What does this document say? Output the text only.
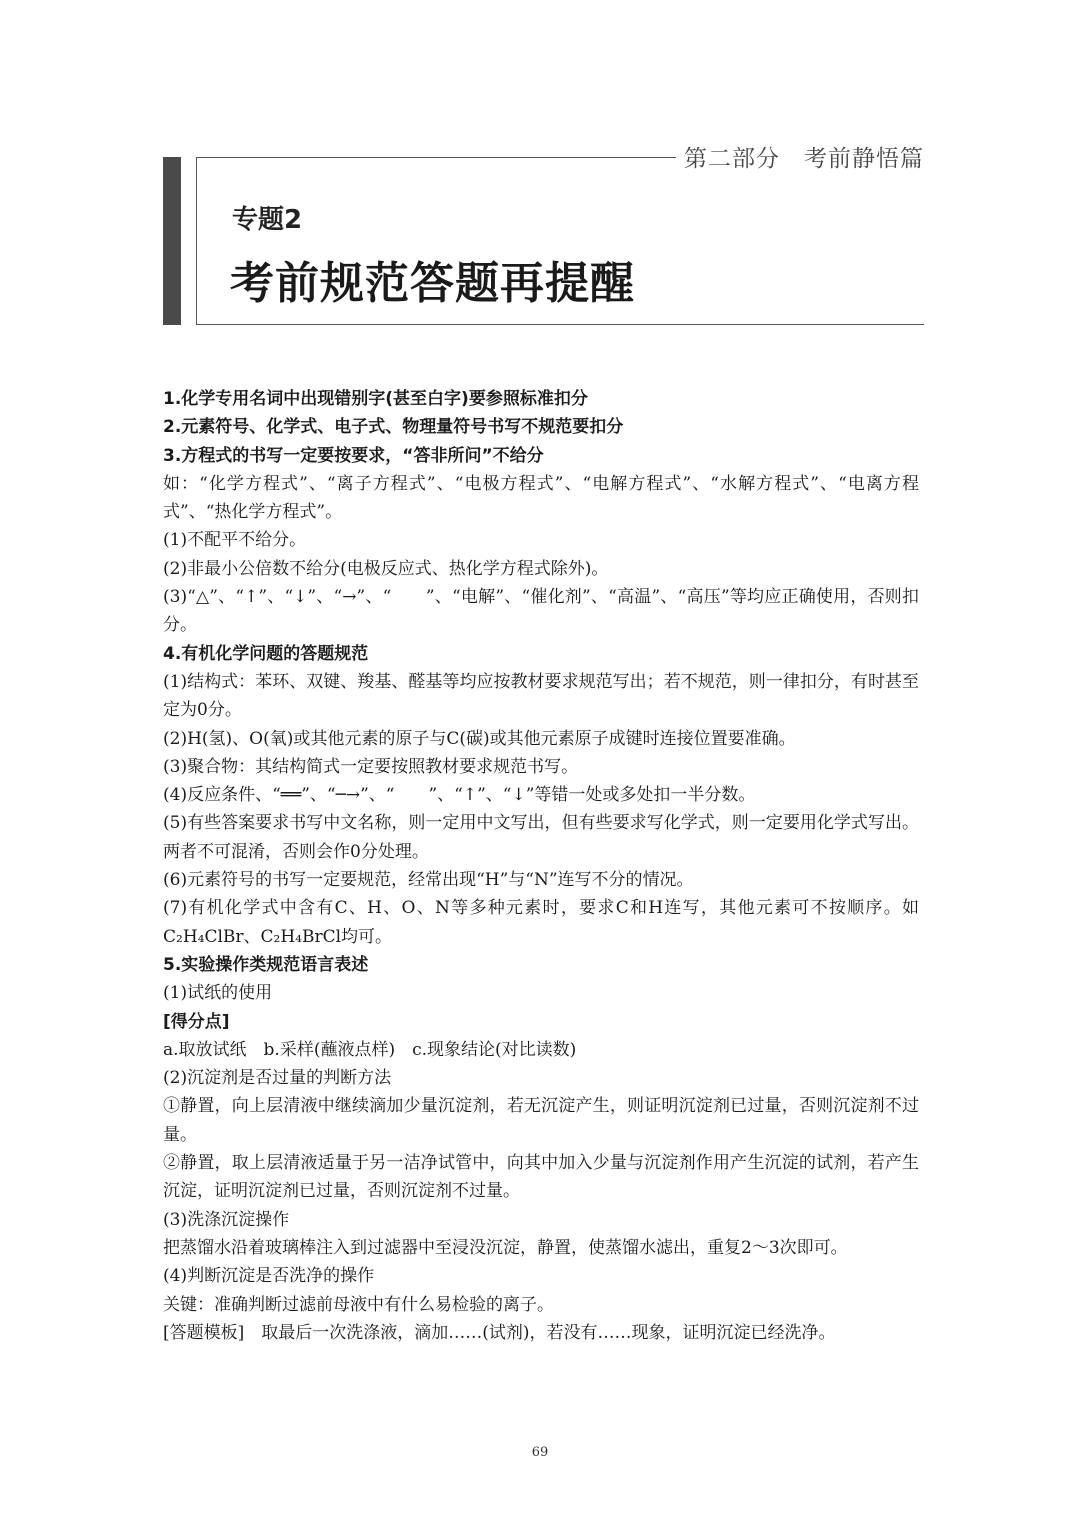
第二部分　考前静悟篇
专题2
考前规范答题再提醒

1.化学专用名词中出现错别字(甚至白字)要参照标准扣分

2.元素符号、化学式、电子式、物理量符号书写不规范要扣分

3.方程式的书写一定要按要求，“答非所问”不给分

如：“化学方程式”、“离子方程式”、“电极方程式”、“电解方程式”、“水解方程式”、“电离方程式”、“热化学方程式”。

(1)不配平不给分。

(2)非最小公倍数不给分(电极反应式、热化学方程式除外)。

(3)“△”、“↑”、“↓”、“→”、“　　”、“电解”、“催化剂”、“高温”、“高压”等均应正确使用，否则扣分。

4.有机化学问题的答题规范

(1)结构式：苯环、双键、羧基、醛基等均应按教材要求规范写出；若不规范，则一律扣分，有时甚至定为0分。

(2)H(氢)、O(氧)或其他元素的原子与C(碳)或其他元素原子成键时连接位置要准确。

(3)聚合物：其结构简式一定要按照教材要求规范书写。

(4)反应条件、“══”、“─→”、“　　”、“↑”、“↓”等错一处或多处扣一半分数。

(5)有些答案要求书写中文名称，则一定用中文写出，但有些要求写化学式，则一定要用化学式写出。两者不可混淆，否则会作0分处理。

(6)元素符号的书写一定要规范，经常出现“H”与“N”连写不分的情况。

(7)有机化学式中含有C、H、O、N等多种元素时，要求C和H连写，其他元素可不按顺序。如C₂H₄ClBr、C₂H₄BrCl均可。

5.实验操作类规范语言表述

(1)试纸的使用

[得分点]

a.取放试纸　b.采样(蘸液点样)　c.现象结论(对比读数)

(2)沉淀剂是否过量的判断方法

①静置，向上层清液中继续滴加少量沉淀剂，若无沉淀产生，则证明沉淀剂已过量，否则沉淀剂不过量。

②静置，取上层清液适量于另一洁净试管中，向其中加入少量与沉淀剂作用产生沉淀的试剂，若产生沉淀，证明沉淀剂已过量，否则沉淀剂不过量。

(3)洗涤沉淀操作

把蒸馏水沿着玻璃棒注入到过滤器中至浸没沉淀，静置，使蒸馏水滤出，重复2～3次即可。

(4)判断沉淀是否洗净的操作

关键：准确判断过滤前母液中有什么易检验的离子。

[答题模板]　取最后一次洗涤液，滴加……(试剂)，若没有……现象，证明沉淀已经洗净。

69
